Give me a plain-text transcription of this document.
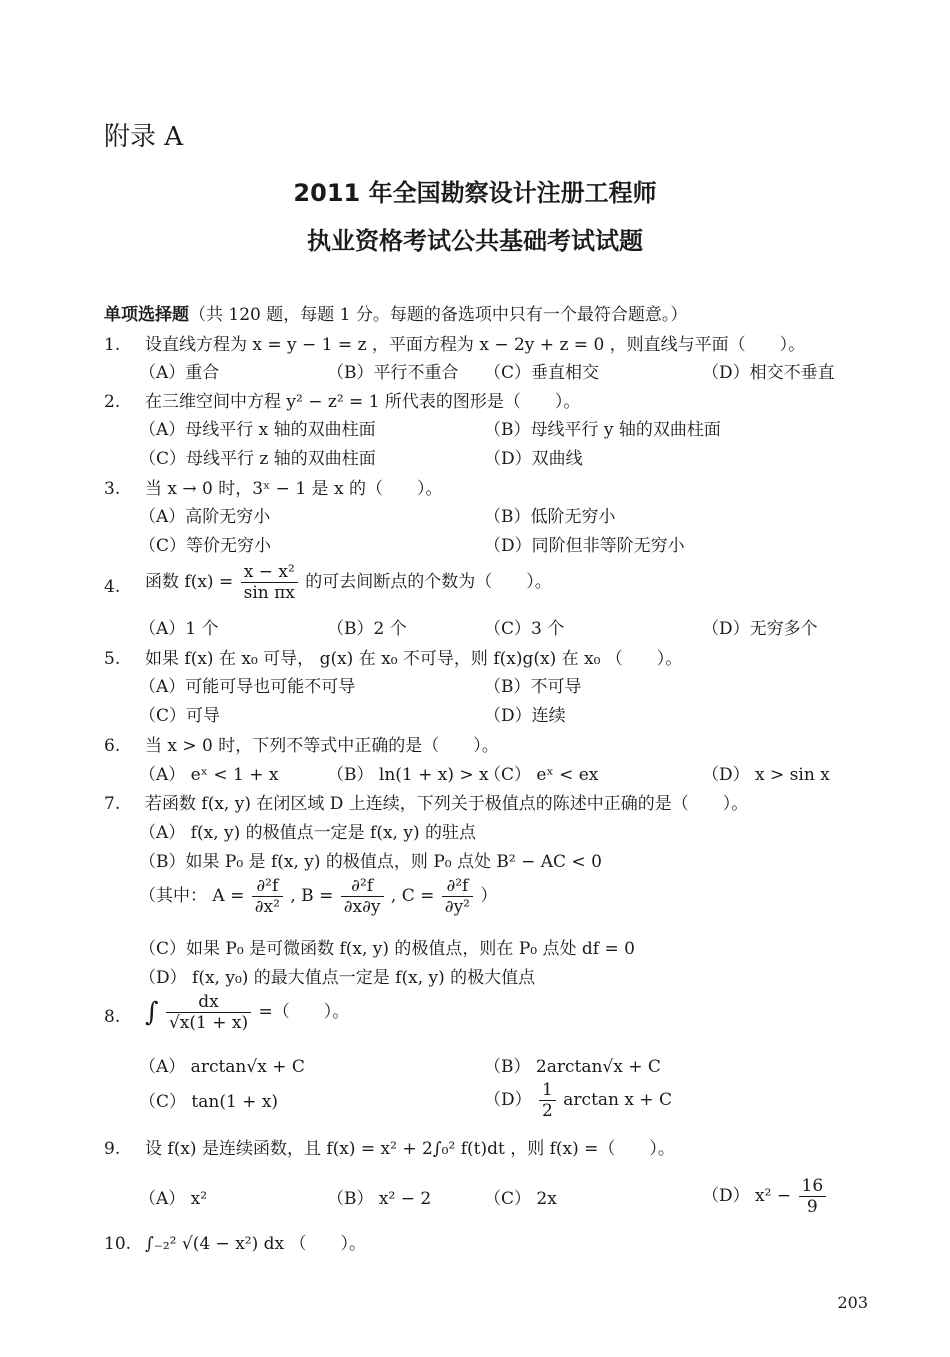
附录 A
2011 年全国勘察设计注册工程师
执业资格考试公共基础考试试题
单项选择题（共 120 题，每题 1 分。每题的备选项中只有一个最符合题意。）
1.	设直线方程为 x = y − 1 = z ，平面方程为 x − 2y + z = 0 ，则直线与平面（　　）。
（A）重合	（B）平行不重合 （C）垂直相交	（D）相交不垂直
2.	在三维空间中方程 y² − z² = 1 所代表的图形是（　　）。
（A）母线平行 x 轴的双曲柱面	（B）母线平行 y 轴的双曲柱面
（C）母线平行 z 轴的双曲柱面	（D）双曲线
3.	当 x → 0 时，3ˣ − 1 是 x 的（　　）。
（A）高阶无穷小	（B）低阶无穷小
（C）等价无穷小	（D）同阶但非等阶无穷小
4.	函数 $f(x) = \frac{\text{x − x²}}{\text{sin πx}}$ 的可去间断点的个数为（　　）。
（A）1 个	（B）2 个	（C）3 个	（D）无穷多个
5.	如果 f(x) 在 x₀ 可导， g(x) 在 x₀ 不可导，则 f(x)g(x) 在 x₀ （　　）。
（A）可能可导也可能不可导	（B）不可导
（C）可导	（D）连续
6.	当 x > 0 时，下列不等式中正确的是（　　）。
（A） eˣ < 1 + x	（B） ln(1 + x) > x
（C） eˣ < ex	（D） x > sin x
7.	若函数 f(x, y) 在闭区域 D 上连续，下列关于极值点的陈述中正确的是（　　）。
（A） f(x, y) 的极值点一定是 f(x, y) 的驻点
（B）如果 P₀ 是 f(x, y) 的极值点，则 P₀ 点处 B² − AC < 0
（其中： $A = \frac{\text{∂²f}}{\text{∂x²}}$ , $B = \frac{\text{∂²f}}{\partial x\partial y}$ , $C = \frac{\text{∂²f}}{\text{∂y²}}$ ）
（C）如果 P₀ 是可微函数 f(x, y) 的极值点，则在 P₀ 点处 df = 0
（D） f(x, y₀) 的最大值点一定是 f(x, y) 的极大值点
8. ∫ $\frac{dx}{√x(1 + x)}$ =（　　）。
（A） arctan√x + C	（B） 2arctan√x + C
（C） tan(1 + x)	$(D) \frac{1}{2}$ arctan x + C
9.	设 f(x) 是连续函数，且 f(x) = x² + 2∫₀² f(t)dt ，则 f(x) =（　　）。
（A） x²	（B） x² − 2	（C） 2x	（D） $x^2 - \frac{16}{9}$
10. ∫₋₂² √(4 − x²) dx （　　）。
203
